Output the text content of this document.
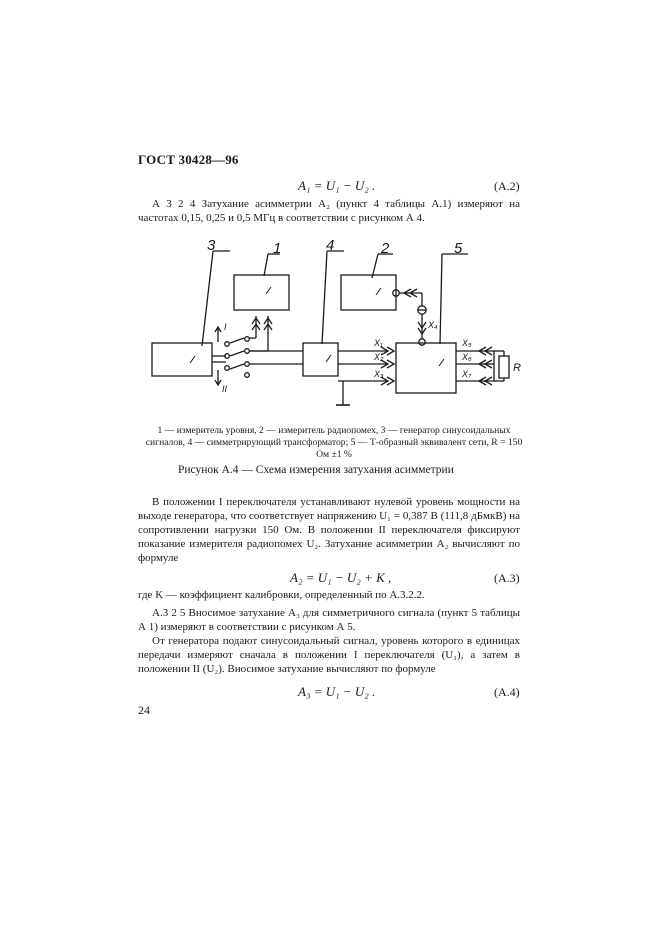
ГОСТ 30428—96
A₁ = U₁ − U₂ .	(A.2)
А 3 2 4 Затухание асимметрии A₂ (пункт 4 таблицы А.1) измеряют на частотах 0,15, 0,25 и 0,5 МГц в соответствии с рисунком А 4.
3	1	4	2	5
I
II
X₁
X₂
X₃
X₄
X₅
X₆
X₇	R
1 — измеритель уровня, 2 — измеритель радиопомех, 3 — генератор синусоидальных сигналов, 4 — симметрирующий трансформатор; 5 — Т-образный эквивалент сети, R = 150 Ом ±1 %
Рисунок А.4 — Схема измерения затухания асимметрии
В положении I переключателя устанавливают нулевой уровень мощности на выходе генератора, что соответствует напряжению U₁ = 0,387 В (111,8 дБмкВ) на сопротивлении нагрузки 150 Ом. В положении II переключателя фиксируют показание измерителя радиопомех U₂. Затухание асимметрии A₂ вычисляют по формуле
A₂ = U₁ − U₂ + K ,	(А.3)
где K — коэффициент калибровки, определенный по А.3.2.2.
А.3 2 5 Вносимое затухание A₃ для симметричного сигнала (пункт 5 таблицы А 1) измеряют в соответствии с рисунком А 5.
От генератора подают синусоидальный сигнал, уровень которого в единицах передачи измеряют сначала в положении I переключателя (U₁), а затем в положении II (U₂). Вносимое затухание вычисляют по формуле
A₃ = U₁ − U₂ .	(А.4)
24
